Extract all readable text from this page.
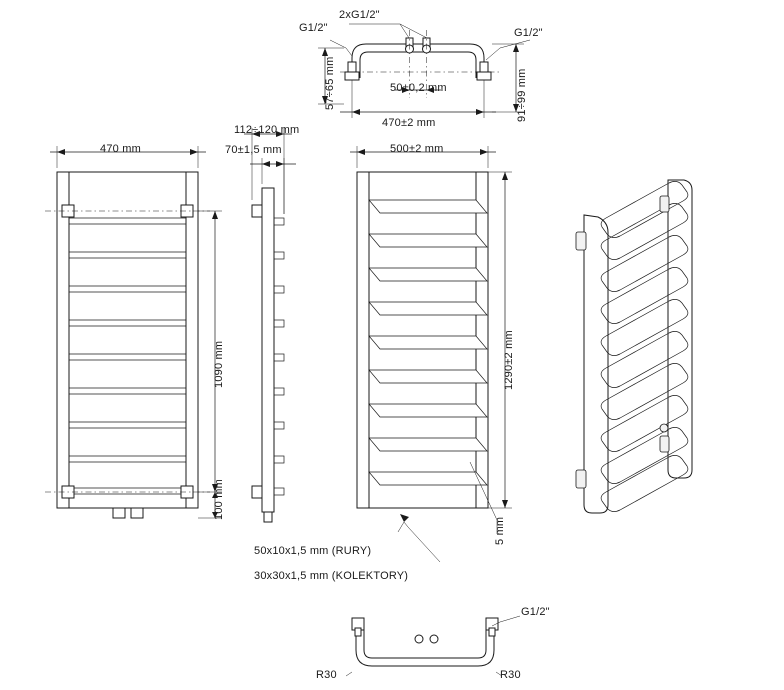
2xG1/2"
G1/2"	G1/2"
57÷65 mm	50±0,2 mm
470±2 mm
91÷99 mm
470 mm
112÷120 mm
70±1,5 mm
1090 mm
100 mm
500±2 mm
1290±2 mm
5 mm
50x10x1,5 mm (RURY)
30x30x1,5 mm (KOLEKTORY)
G1/2"
R30	R30
